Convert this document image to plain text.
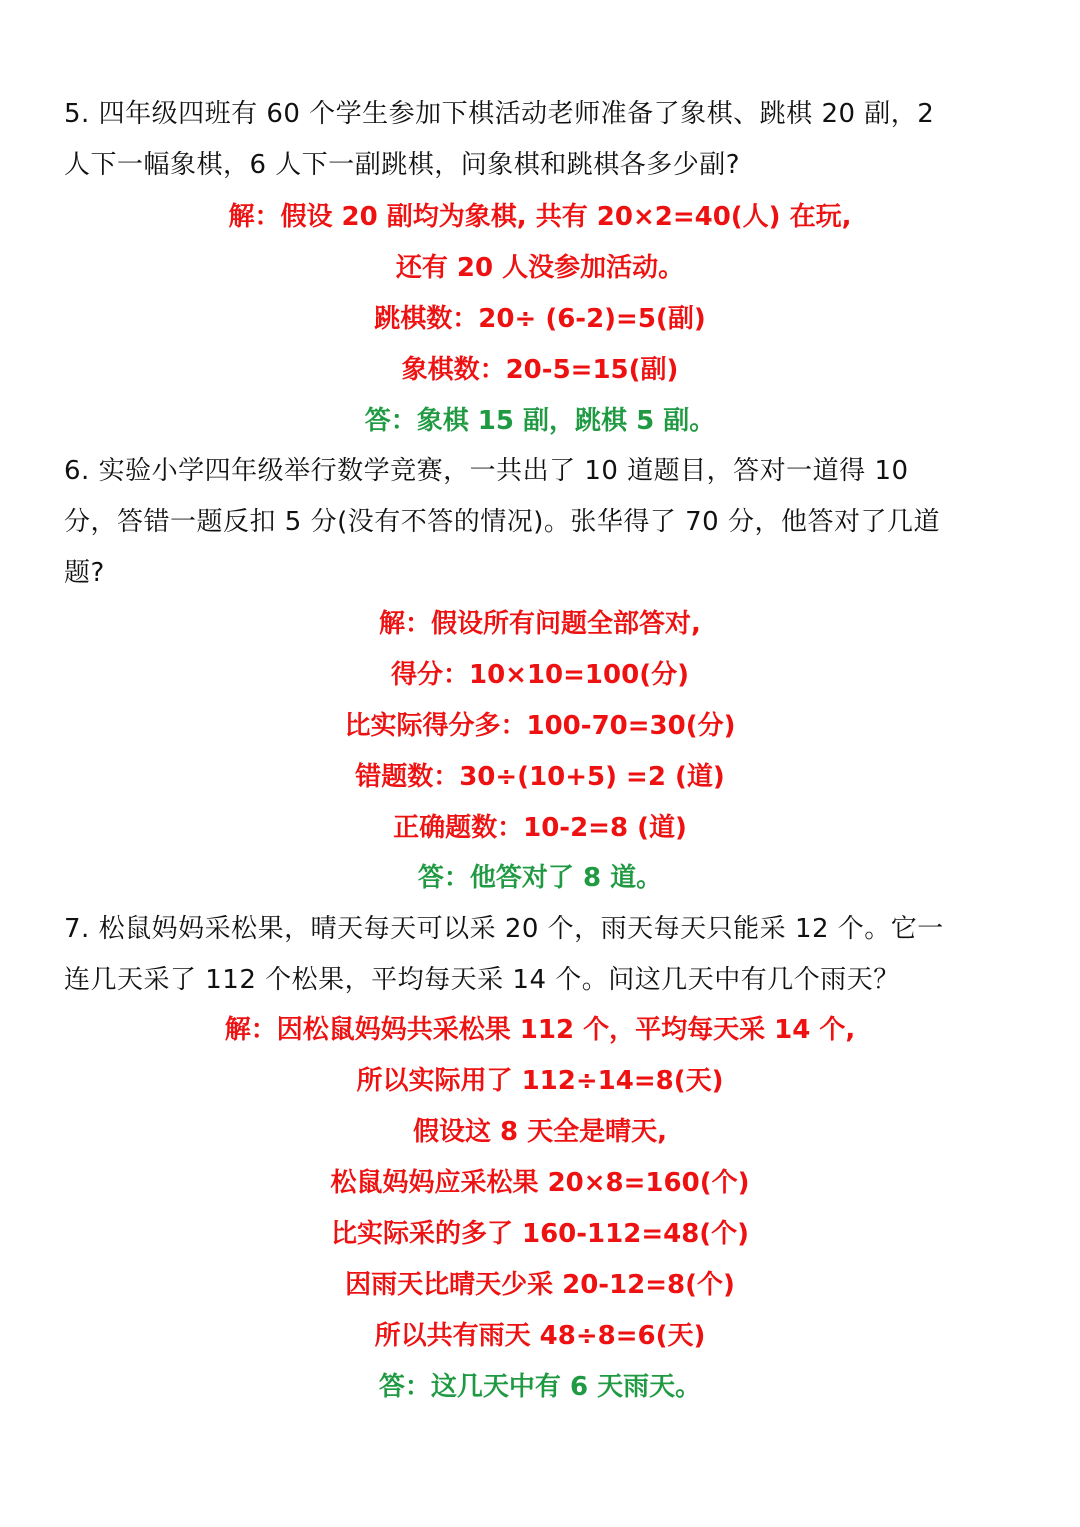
5. 四年级四班有 60 个学生参加下棋活动老师准备了象棋、跳棋 20 副，2
人下一幅象棋，6 人下一副跳棋，问象棋和跳棋各多少副?
解：假设 20 副均为象棋, 共有 20×2=40(人) 在玩,
还有 20 人没参加活动。
跳棋数：20÷ (6-2)=5(副)
象棋数：20-5=15(副)
答：象棋 15 副，跳棋 5 副。
6. 实验小学四年级举行数学竞赛，一共出了 10 道题目，答对一道得 10
分，答错一题反扣 5 分(没有不答的情况)。张华得了 70 分，他答对了几道
题?
解：假设所有问题全部答对,
得分：10×10=100(分)
比实际得分多：100-70=30(分)
错题数：30÷(10+5) =2 (道)
正确题数：10-2=8 (道)
答：他答对了 8 道。
7. 松鼠妈妈采松果，晴天每天可以采 20 个，雨天每天只能采 12 个。它一
连几天采了 112 个松果，平均每天采 14 个。问这几天中有几个雨天？
解：因松鼠妈妈共采松果 112 个，平均每天采 14 个,
所以实际用了 112÷14=8(天)
假设这 8 天全是晴天,
松鼠妈妈应采松果 20×8=160(个)
比实际采的多了 160-112=48(个)
因雨天比晴天少采 20-12=8(个)
所以共有雨天 48÷8=6(天)
答：这几天中有 6 天雨天。
